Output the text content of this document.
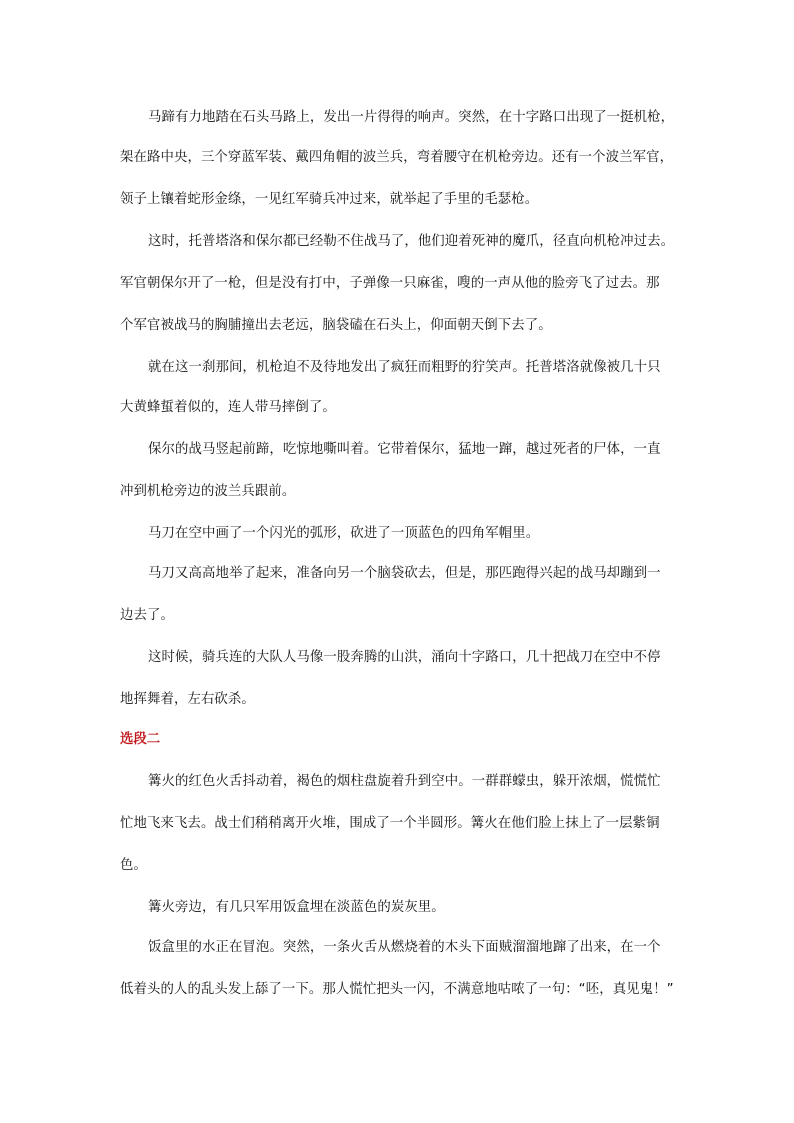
马蹄有力地踏在石头马路上，发出一片得得的响声。突然，在十字路口出现了一挺机枪，
架在路中央，三个穿蓝军装、戴四角帽的波兰兵，弯着腰守在机枪旁边。还有一个波兰军官，
领子上镶着蛇形金绦，一见红军骑兵冲过来，就举起了手里的毛瑟枪。
这时，托普塔洛和保尔都已经勒不住战马了，他们迎着死神的魔爪，径直向机枪冲过去。
军官朝保尔开了一枪，但是没有打中，子弹像一只麻雀，嗖的一声从他的脸旁飞了过去。那
个军官被战马的胸脯撞出去老远，脑袋磕在石头上，仰面朝天倒下去了。
就在这一刹那间，机枪迫不及待地发出了疯狂而粗野的狞笑声。托普塔洛就像被几十只
大黄蜂蜇着似的，连人带马摔倒了。
保尔的战马竖起前蹄，吃惊地嘶叫着。它带着保尔，猛地一蹿，越过死者的尸体，一直
冲到机枪旁边的波兰兵跟前。
马刀在空中画了一个闪光的弧形，砍进了一顶蓝色的四角军帽里。
马刀又高高地举了起来，准备向另一个脑袋砍去，但是，那匹跑得兴起的战马却蹦到一
边去了。
这时候，骑兵连的大队人马像一股奔腾的山洪，涌向十字路口，几十把战刀在空中不停
地挥舞着，左右砍杀。
选段二
篝火的红色火舌抖动着，褐色的烟柱盘旋着升到空中。一群群蠓虫，躲开浓烟，慌慌忙
忙地飞来飞去。战士们稍稍离开火堆，围成了一个半圆形。篝火在他们脸上抹上了一层紫铜
色。
篝火旁边，有几只军用饭盒埋在淡蓝色的炭灰里。
饭盒里的水正在冒泡。突然，一条火舌从燃烧着的木头下面贼溜溜地蹿了出来，在一个
低着头的人的乱头发上舔了一下。那人慌忙把头一闪，不满意地咕哝了一句：“呸，真见鬼！”
